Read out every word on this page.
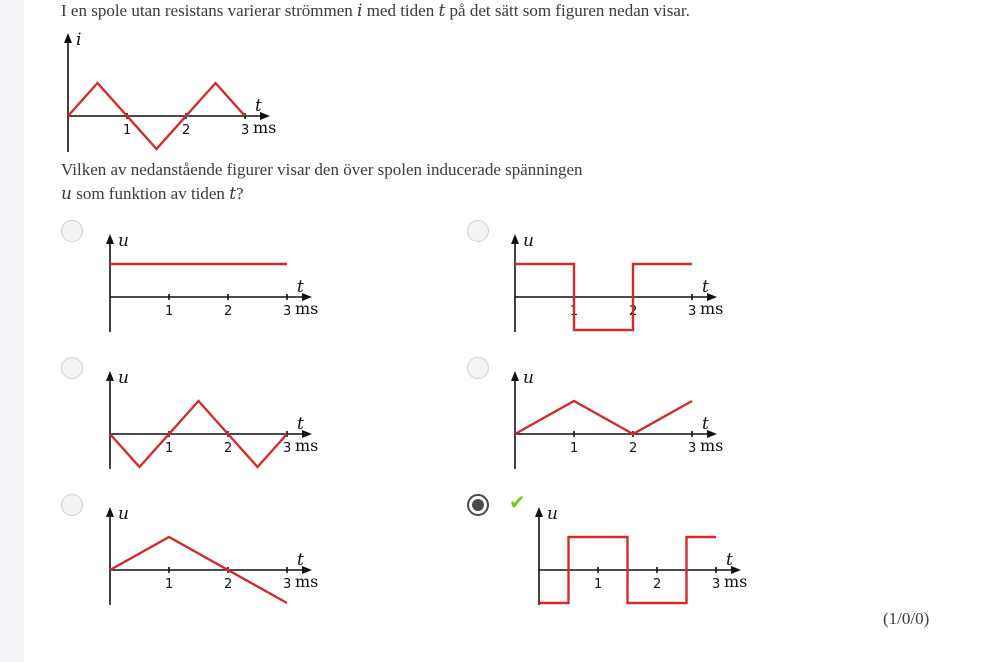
I en spole utan resistans varierar strömmen i med tiden t på det sätt som figuren nedan visar.
1	2	3 ms
t
i
Vilken av nedanstående figurer visar den över spolen inducerade spänningen
u som funktion av tiden t?
✔
1	2	3 ms
t
u
1	2	3 ms
t
u
1	2	3 ms
t
u
1	2	3 ms
t
u
1	2	3 ms
t
u
1	2	3 ms
t
u
(1/0/0)
